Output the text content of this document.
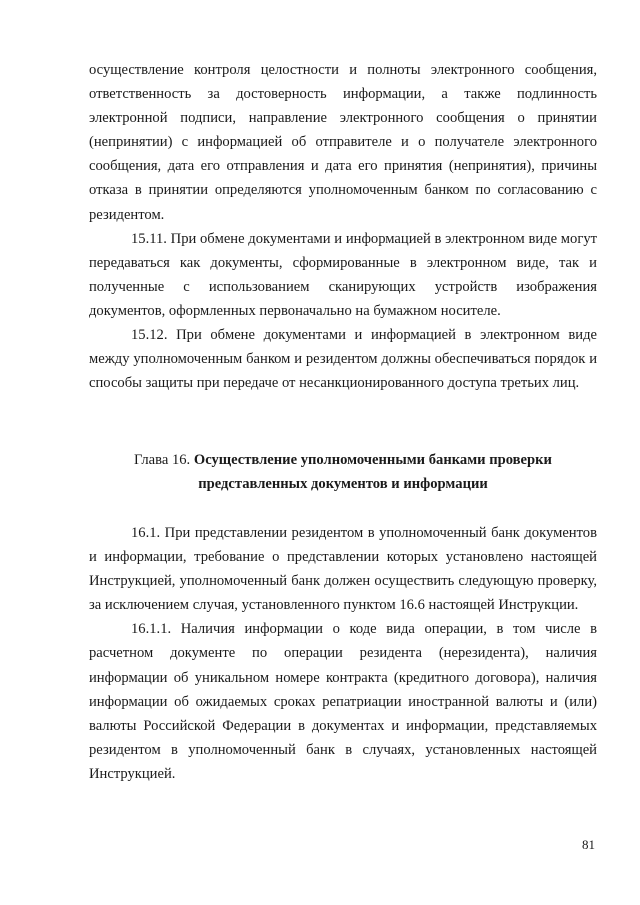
осуществление контроля целостности и полноты электронного сообщения, ответственность за достоверность информации, а также подлинность электронной подписи, направление электронного сообщения о принятии (непринятии) с информацией об отправителе и о получателе электронного сообщения, дата его отправления и дата его принятия (непринятия), причины отказа в принятии определяются уполномоченным банком по согласованию с резидентом.

15.11. При обмене документами и информацией в электронном виде могут передаваться как документы, сформированные в электронном виде, так и полученные с использованием сканирующих устройств изображения документов, оформленных первоначально на бумажном носителе.

15.12. При обмене документами и информацией в электронном виде между уполномоченным банком и резидентом должны обеспечиваться порядок и способы защиты при передаче от несанкционированного доступа третьих лиц.

Глава 16. Осуществление уполномоченными банками проверки представленных документов и информации

16.1. При представлении резидентом в уполномоченный банк документов и информации, требование о представлении которых установлено настоящей Инструкцией, уполномоченный банк должен осуществить следующую проверку, за исключением случая, установленного пунктом 16.6 настоящей Инструкции.

16.1.1. Наличия информации о коде вида операции, в том числе в расчетном документе по операции резидента (нерезидента), наличия информации об уникальном номере контракта (кредитного договора), наличия информации об ожидаемых сроках репатриации иностранной валюты и (или) валюты Российской Федерации в документах и информации, представляемых резидентом в уполномоченный банк в случаях, установленных настоящей Инструкцией.

81
